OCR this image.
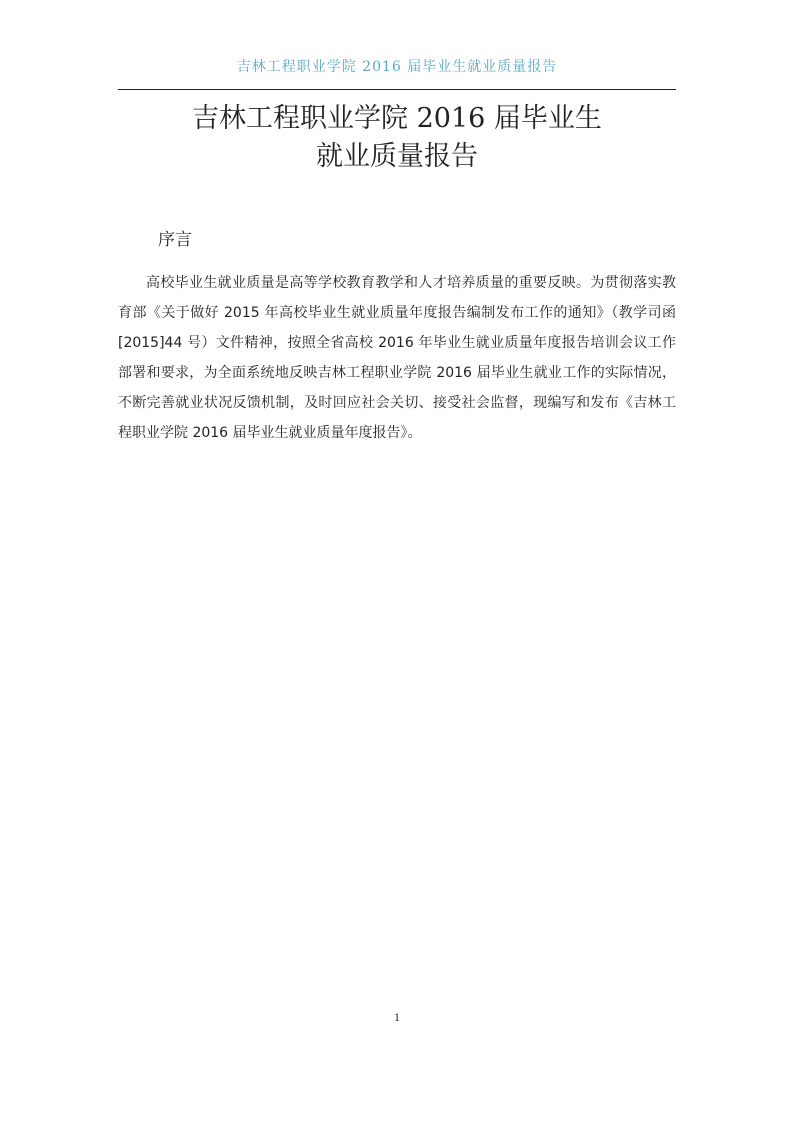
吉林工程职业学院 2016 届毕业生就业质量报告
吉林工程职业学院 2016 届毕业生
就业质量报告
序言

高校毕业生就业质量是高等学校教育教学和人才培养质量的重要反映。为贯彻落实教育部《关于做好 2015 年高校毕业生就业质量年度报告编制发布工作的通知》（教学司函[2015]44 号）文件精神，按照全省高校 2016 年毕业生就业质量年度报告培训会议工作部署和要求，为全面系统地反映吉林工程职业学院 2016 届毕业生就业工作的实际情况，不断完善就业状况反馈机制，及时回应社会关切、接受社会监督，现编写和发布《吉林工程职业学院 2016 届毕业生就业质量年度报告》。

1
